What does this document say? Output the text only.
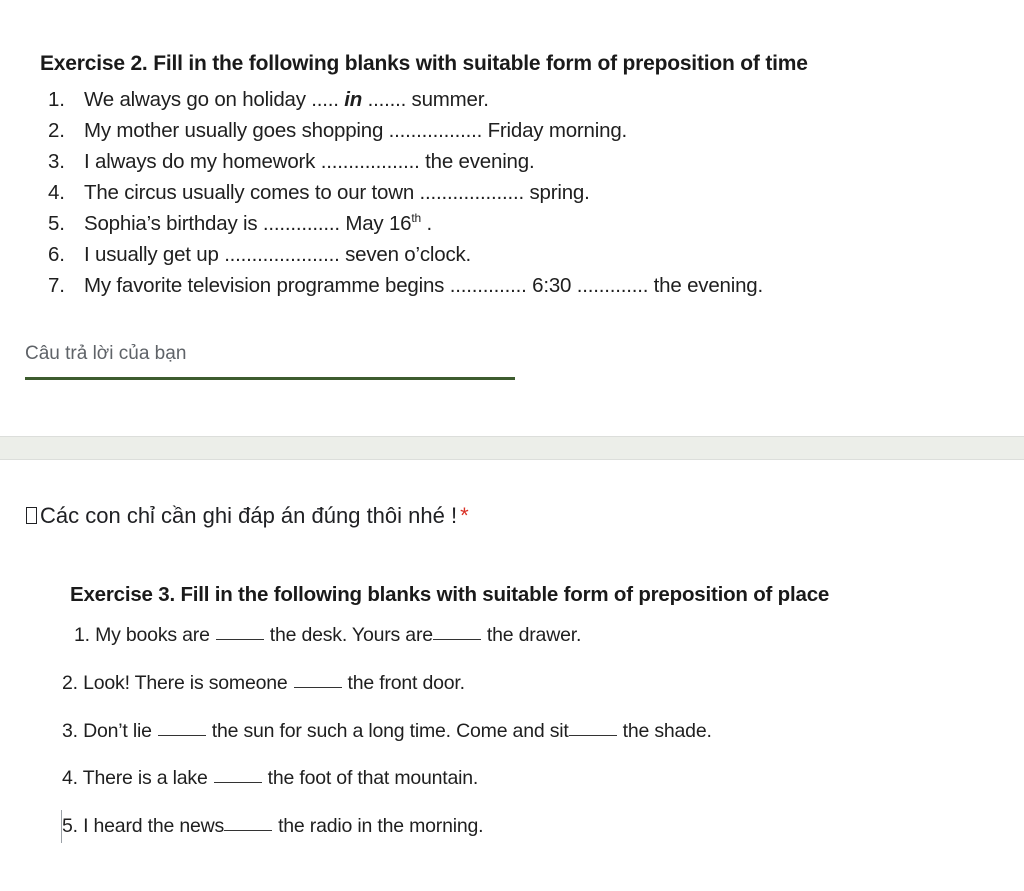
Exercise 2. Fill in the following blanks with suitable form of preposition of time
1. We always go on holiday ..... in ....... summer.
2. My mother usually goes shopping ................. Friday morning.
3. I always do my homework .................. the evening.
4. The circus usually comes to our town ................... spring.
5. Sophia’s birthday is .............. May 16th .
6. I usually get up ..................... seven o’clock.
7. My favorite television programme begins .............. 6:30 ............. the evening.
Câu trả lời của bạn
Các con chỉ cần ghi đáp án đúng thôi nhé ! *
Exercise 3. Fill in the following blanks with suitable form of preposition of place
1. My books are	the desk. Yours are	the drawer.
2. Look! There is someone	the front door.
3. Don’t lie	the sun for such a long time. Come and sit	the shade.
4. There is a lake	the foot of that mountain.
5. I heard the news	the radio in the morning.
